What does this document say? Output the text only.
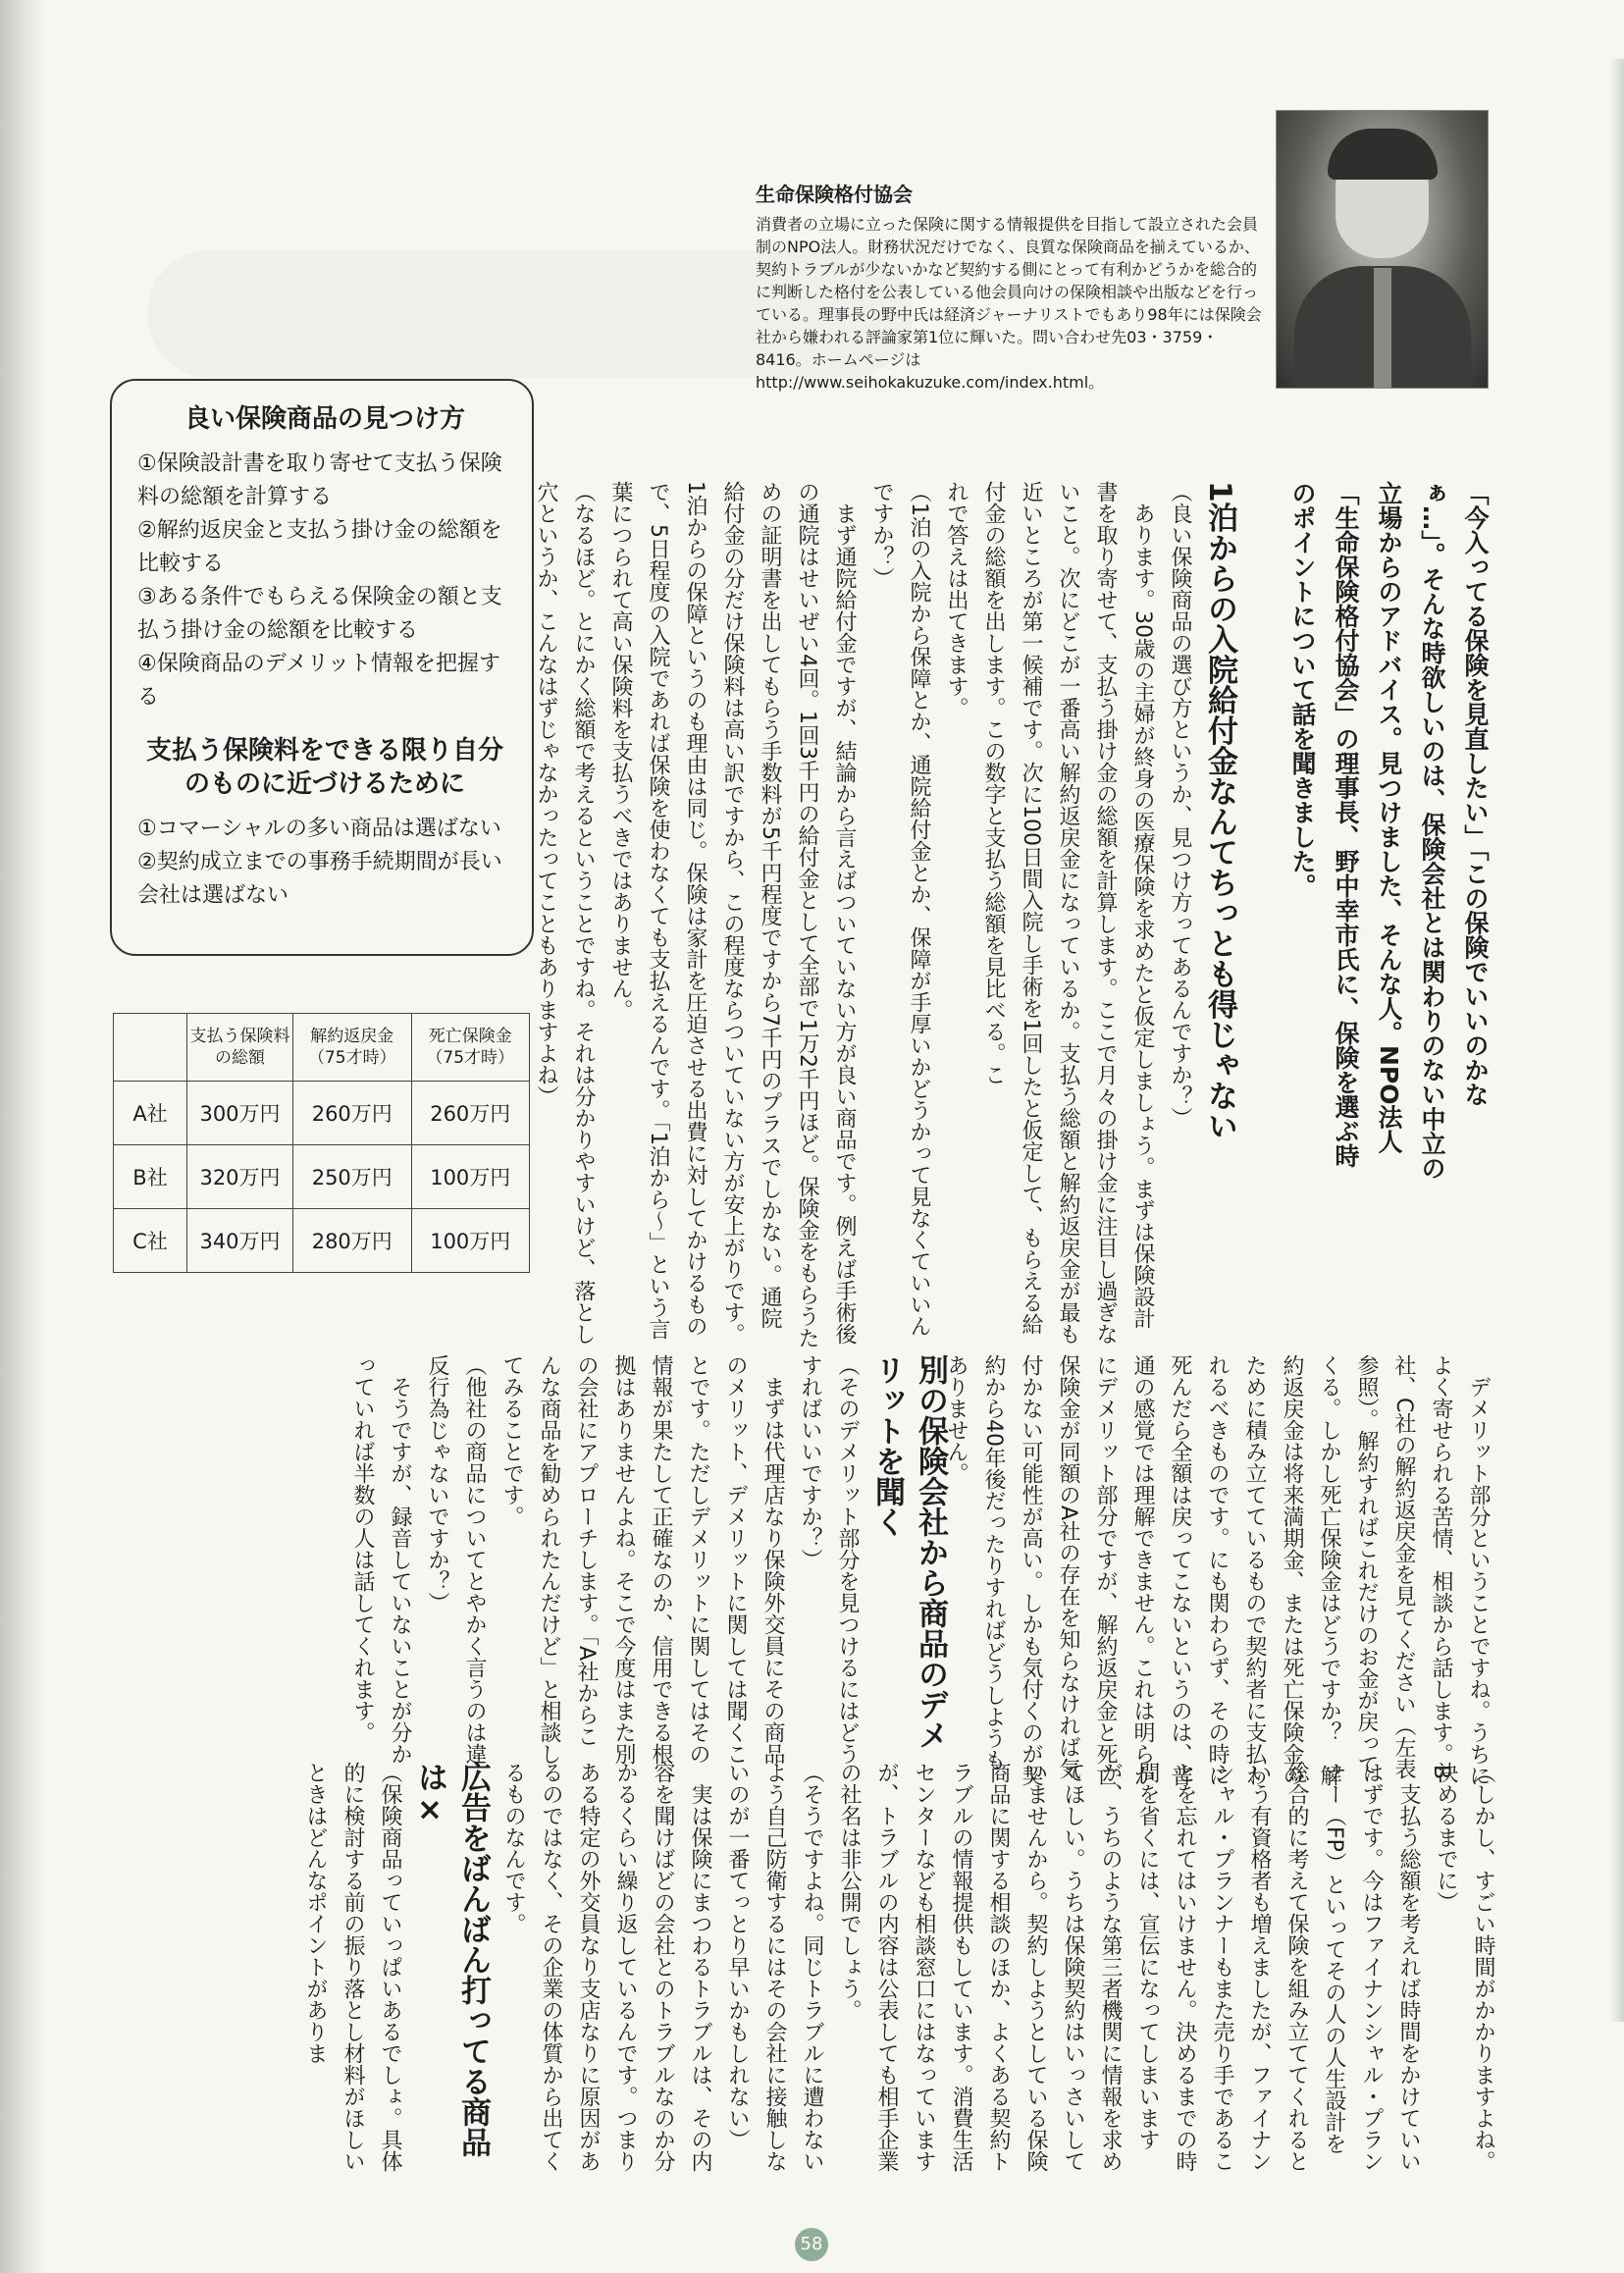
生命保険格付協会

消費者の立場に立った保険に関する情報提供を目指して設立された会員制のNPO法人。財務状況だけでなく、良質な保険商品を揃えているか、契約トラブルが少ないかなど契約する側にとって有利かどうかを総合的に判断した格付を公表している他会員向けの保険相談や出版などを行っている。理事長の野中氏は経済ジャーナリストでもあり98年には保険会社から嫌われる評論家第1位に輝いた。問い合わせ先03・3759・8416。ホームページはhttp://www.seihokakuzuke.com/index.html。

良い保険商品の見つけ方

①保険設計書を取り寄せて支払う保険料の総額を計算する

②解約返戻金と支払う掛け金の総額を比較する

③ある条件でもらえる保険金の額と支払う掛け金の総額を比較する

④保険商品のデメリット情報を把握する

支払う保険料をできる限り自分のものに近づけるために

①コマーシャルの多い商品は選ばない

②契約成立までの事務手続期間が長い会社は選ばない

	支払う保険料の総額	解約返戻金（75才時）	死亡保険金（75才時）
A社	300万円	260万円	260万円
B社	320万円	250万円	100万円
C社	340万円	280万円	100万円

「今入ってる保険を見直したい」「この保険でいいのかなぁ…」。そんな時欲しいのは、保険会社とは関わりのない中立の立場からのアドバイス。見つけました、そんな人。NPO法人「生命保険格付協会」の理事長、野中幸市氏に、保険を選ぶ時のポイントについて話を聞きました。

1泊からの入院給付金なんてちっとも得じゃない
（良い保険商品の選び方というか、見つけ方ってあるんですか？）
　あります。30歳の主婦が終身の医療保険を求めたと仮定しましょう。まずは保険設計書を取り寄せて、支払う掛け金の総額を計算します。ここで月々の掛け金に注目し過ぎないこと。次にどこが一番高い解約返戻金になっているか。支払う総額と解約返戻金が最も近いところが第一候補です。次に100日間入院し手術を1回したと仮定して、もらえる給付金の総額を出します。この数字と支払う総額を見比べる。こ
れで答えは出てきます。
（1泊の入院から保障とか、通院給付金とか、保障が手厚いかどうかって見なくていいんですか？）
　まず通院給付金ですが、結論から言えばついていない方が良い商品です。例えば手術後の通院はせいぜい4回。1回3千円の給付金として全部で1万2千円ほど。保険金をもらうための証明書を出してもらう手数料が5千円程度ですから7千円のプラスでしかない。通院給付金の分だけ保険料は高い訳ですから、この程度ならついていない方が安上がりです。1泊からの保障というのも理由は同じ。保険は家計を圧迫させる出費に対してかけるもので、5日程度の入院であれば保険を使わなくても支払えるんです。「1泊から～」という言葉につられて高い保険料を支払うべきではありません。
（なるほど。とにかく総額で考えるということですね。それは分かりやすいけど、落とし穴というか、こんなはずじゃなかったってこともありますよね）
　デメリット部分ということですね。うちによく寄せられる苦情、相談から話します。B社、C社の解約返戻金を見てください（左表参照）。解約すればこれだけのお金が戻ってくる。しかし死亡保険金はどうですか？　解約返戻金は将来満期金、または死亡保険金のために積み立てているもので契約者に支払われるべきものです。にも関わらず、その時に死んだら全額は戻ってこないというのは、普通の感覚では理解できません。これは明らかにデメリット部分ですが、解約返戻金と死亡保険金が同額のA社の存在を知らなければ気付かない可能性が高い。しかも気付くのが契約から40年後だったりすればどうしようもありません。
別の保険会社から商品のデメリットを聞く
（そのデメリット部分を見つけるにはどうすればいいですか？）
　まずは代理店なり保険外交員にその商品のメリット、デメリットに関しては聞くことです。ただしデメリットに関してはその情報が果たして正確なのか、信用できる根拠はありませんよね。そこで今度はまた別の会社にアプローチします。「A社からこんな商品を勧められたんだけど」と相談してみることです。
（他社の商品についてとやかく言うのは違反行為じゃないですか？）
　そうですが、録音していないことが分かっていれば半数の人は話してくれます。
（しかし、すごい時間がかかりますよね。決めるまでに）
　支払う総額を考えれば時間をかけていいはずです。今はファイナンシャル・プランナー（FP）といってその人の人生設計を総合的に考えて保険を組み立ててくれるという有資格者も増えましたが、ファイナンシャル・プランナーもまた売り手であることを忘れてはいけません。決めるまでの時間を省くには、宣伝になってしまいますが、うちのような第三者機関に情報を求めてほしい。うちは保険契約はいっさいしていませんから。契約しようとしている保険商品に関する相談のほか、よくある契約トラブルの情報提供もしています。消費生活センターなども相談窓口にはなっていますが、トラブルの内容は公表しても相手企業の社名は非公開でしょう。
（そうですよね。同じトラブルに遭わないよう自己防衛するにはその会社に接触しないのが一番てっとり早いかもしれない）
　実は保険にまつわるトラブルは、その内容を聞けばどの会社とのトラブルなのか分かるくらい繰り返しているんです。つまりある特定の外交員なり支店なりに原因があるのではなく、その企業の体質から出てくるものなんです。
広告をばんばん打ってる商品は×
（保険商品っていっぱいあるでしょ。具体的に検討する前の振り落とし材料がほしいときはどんなポイントがありま
58
